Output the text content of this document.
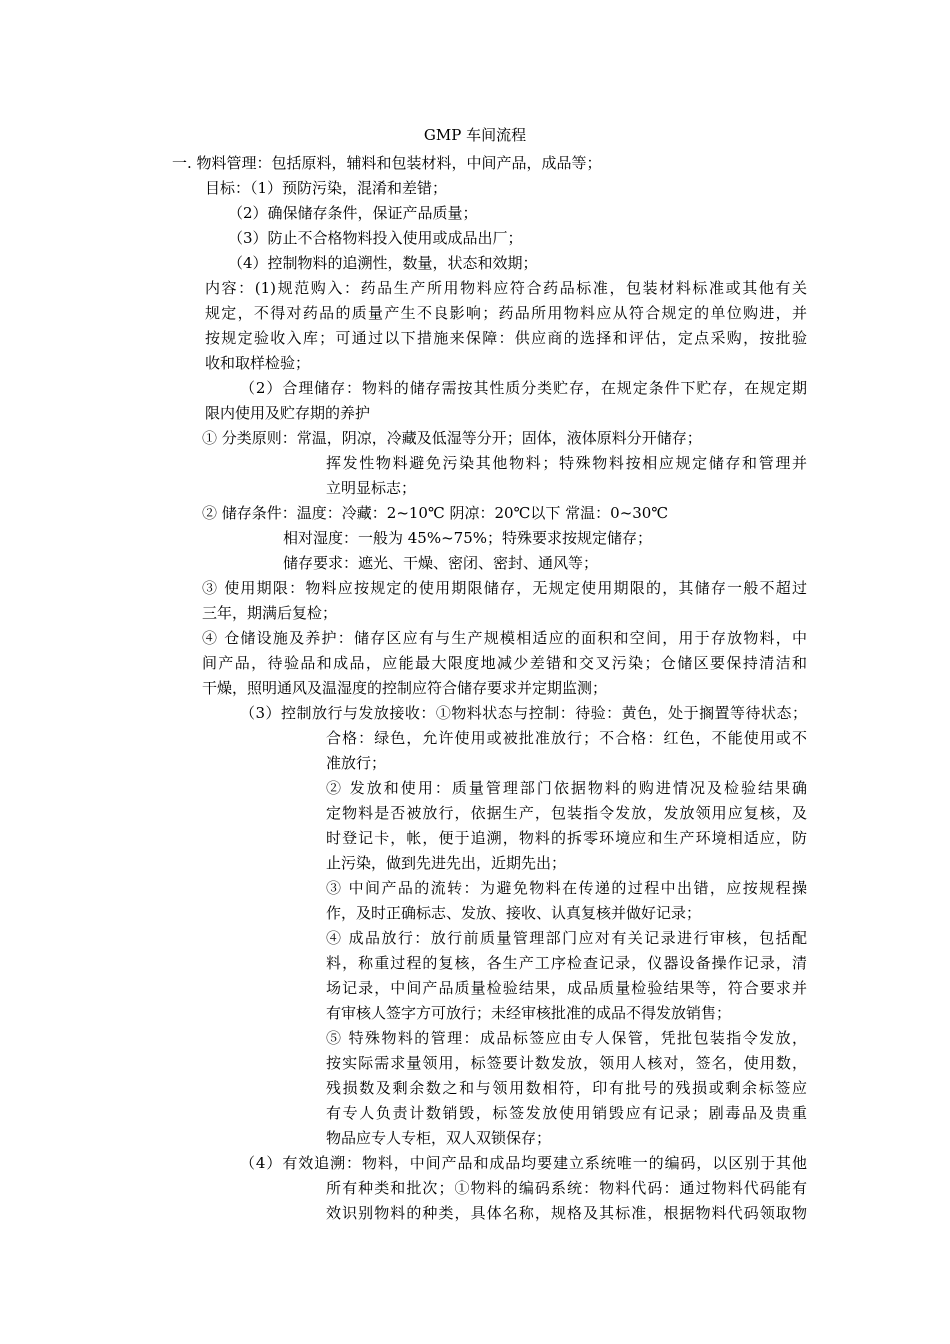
GMP 车间流程
一. 物料管理：包括原料，辅料和包装材料，中间产品，成品等；
目标：（1）预防污染，混淆和差错；
（2）确保储存条件，保证产品质量；
（3）防止不合格物料投入使用或成品出厂；
（4）控制物料的追溯性，数量，状态和效期；
内容：(1)规范购入：药品生产所用物料应符合药品标准，包装材料标准或其他有关
规定，不得对药品的质量产生不良影响；药品所用物料应从符合规定的单位购进，并
按规定验收入库；可通过以下措施来保障：供应商的选择和评估，定点采购，按批验
收和取样检验；
（2）合理储存：物料的储存需按其性质分类贮存，在规定条件下贮存，在规定期
限内使用及贮存期的养护
① 分类原则：常温，阴凉，冷藏及低湿等分开；固体，液体原料分开储存；
挥发性物料避免污染其他物料；特殊物料按相应规定储存和管理并
立明显标志；
② 储存条件：温度：冷藏：2~10℃ 阴凉：20℃以下 常温：0~30℃
相对湿度：一般为 45%~75%；特殊要求按规定储存；
储存要求：遮光、干燥、密闭、密封、通风等；
③ 使用期限：物料应按规定的使用期限储存，无规定使用期限的，其储存一般不超过
三年，期满后复检；
④ 仓储设施及养护：储存区应有与生产规模相适应的面积和空间，用于存放物料，中
间产品，待验品和成品，应能最大限度地减少差错和交叉污染；仓储区要保持清洁和
干燥，照明通风及温湿度的控制应符合储存要求并定期监测；
（3）控制放行与发放接收：①物料状态与控制：待验：黄色，处于搁置等待状态；
合格：绿色，允许使用或被批准放行；不合格：红色，不能使用或不
准放行；
② 发放和使用：质量管理部门依据物料的购进情况及检验结果确
定物料是否被放行，依据生产，包装指令发放，发放领用应复核，及
时登记卡，帐，便于追溯，物料的拆零环境应和生产环境相适应，防
止污染，做到先进先出，近期先出；
③ 中间产品的流转：为避免物料在传递的过程中出错，应按规程操
作，及时正确标志、发放、接收、认真复核并做好记录；
④ 成品放行：放行前质量管理部门应对有关记录进行审核，包括配
料，称重过程的复核，各生产工序检查记录，仪器设备操作记录，清
场记录，中间产品质量检验结果，成品质量检验结果等，符合要求并
有审核人签字方可放行；未经审核批准的成品不得发放销售；
⑤ 特殊物料的管理：成品标签应由专人保管，凭批包装指令发放，
按实际需求量领用，标签要计数发放，领用人核对，签名，使用数，
残损数及剩余数之和与领用数相符，印有批号的残损或剩余标签应
有专人负责计数销毁，标签发放使用销毁应有记录；剧毒品及贵重
物品应专人专柜，双人双锁保存；
（4）有效追溯：物料，中间产品和成品均要建立系统唯一的编码，以区别于其他
所有种类和批次；①物料的编码系统：物料代码：通过物料代码能有
效识别物料的种类，具体名称，规格及其标准，根据物料代码领取物
